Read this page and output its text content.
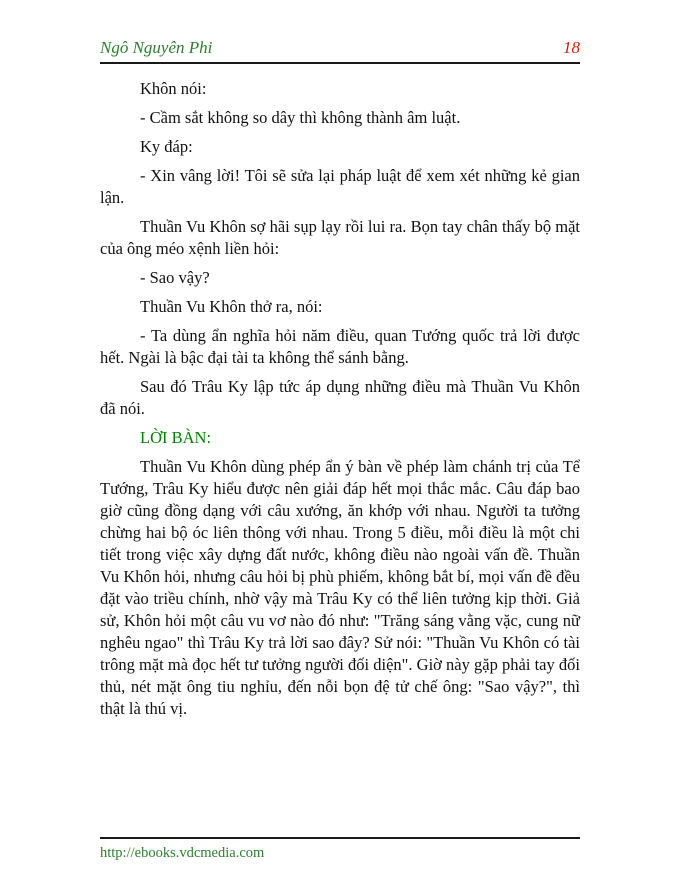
Ngô Nguyên Phi	18

Khôn nói:

- Cầm sắt không so dây thì không thành âm luật.

Ky đáp:

- Xin vâng lời! Tôi sẽ sửa lại pháp luật để xem xét những kẻ gian lận.

Thuần Vu Khôn sợ hãi sụp lạy rồi lui ra. Bọn tay chân thấy bộ mặt của ông méo xệnh liền hỏi:

- Sao vậy?

Thuần Vu Khôn thở ra, nói:

- Ta dùng ẩn nghĩa hỏi năm điều, quan Tướng quốc trả lời được hết. Ngài là bậc đại tài ta không thể sánh bằng.

Sau đó Trâu Ky lập tức áp dụng những điều mà Thuần Vu Khôn đã nói.

LỜI BÀN:

Thuần Vu Khôn dùng phép ẩn ý bàn về phép làm chánh trị của Tể Tướng, Trâu Ky hiểu được nên giải đáp hết mọi thắc mắc. Câu đáp bao giờ cũng đồng dạng với câu xướng, ăn khớp với nhau. Người ta tưởng chừng hai bộ óc liên thông với nhau. Trong 5 điều, mỗi điều là một chi tiết trong việc xây dựng đất nước, không điều nào ngoài vấn đề. Thuần Vu Khôn hỏi, nhưng câu hỏi bị phù phiếm, không bắt bí, mọi vấn đề đều đặt vào triều chính, nhờ vậy mà Trâu Ky có thể liên tưởng kịp thời. Giả sử, Khôn hỏi một câu vu vơ nào đó như: "Trăng sáng vằng vặc, cung nữ nghêu ngao" thì Trâu Ky trả lời sao đây? Sử nói: "Thuần Vu Khôn có tài trông mặt mà đọc hết tư tưởng người đối diện". Giờ này gặp phải tay đối thủ, nét mặt ông tiu nghỉu, đến nỗi bọn đệ tử chế ông: "Sao vậy?", thì thật là thú vị.

http://ebooks.vdcmedia.com
